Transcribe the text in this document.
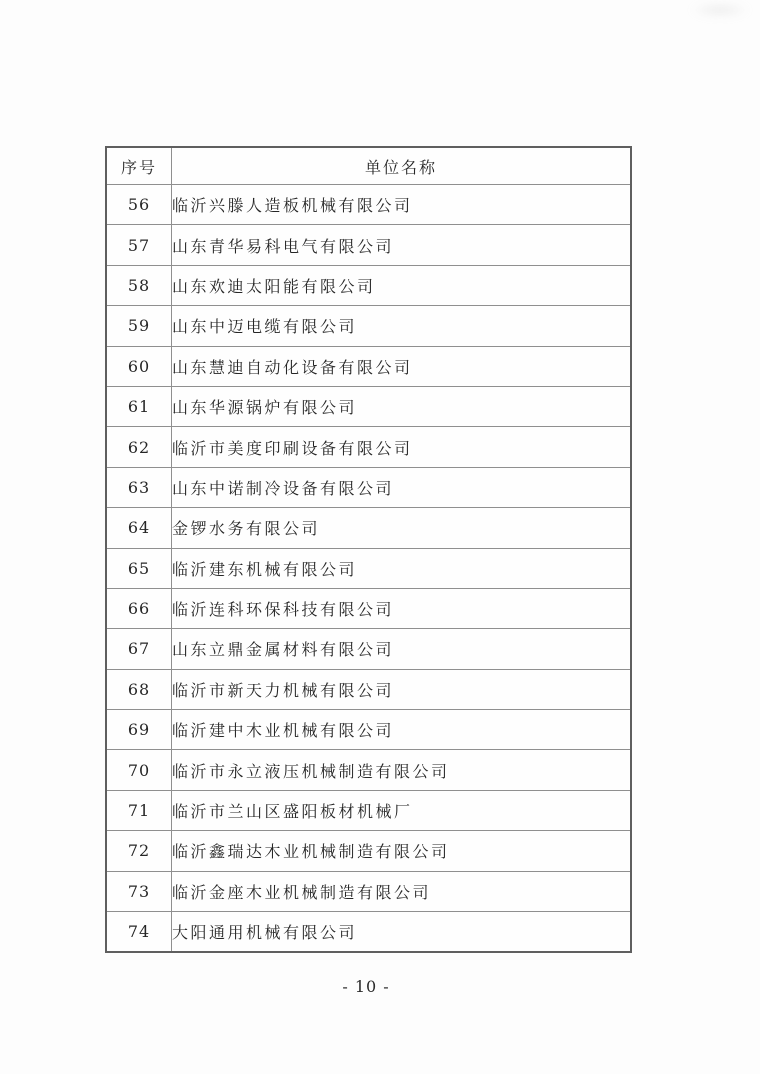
序号	单位名称
56	临沂兴滕人造板机械有限公司
57	山东青华易科电气有限公司
58	山东欢迪太阳能有限公司
59	山东中迈电缆有限公司
60	山东慧迪自动化设备有限公司
61	山东华源锅炉有限公司
62	临沂市美度印刷设备有限公司
63	山东中诺制冷设备有限公司
64	金锣水务有限公司
65	临沂建东机械有限公司
66	临沂连科环保科技有限公司
67	山东立鼎金属材料有限公司
68	临沂市新天力机械有限公司
69	临沂建中木业机械有限公司
70	临沂市永立液压机械制造有限公司
71	临沂市兰山区盛阳板材机械厂
72	临沂鑫瑞达木业机械制造有限公司
73	临沂金座木业机械制造有限公司
74	大阳通用机械有限公司
- 10 -
